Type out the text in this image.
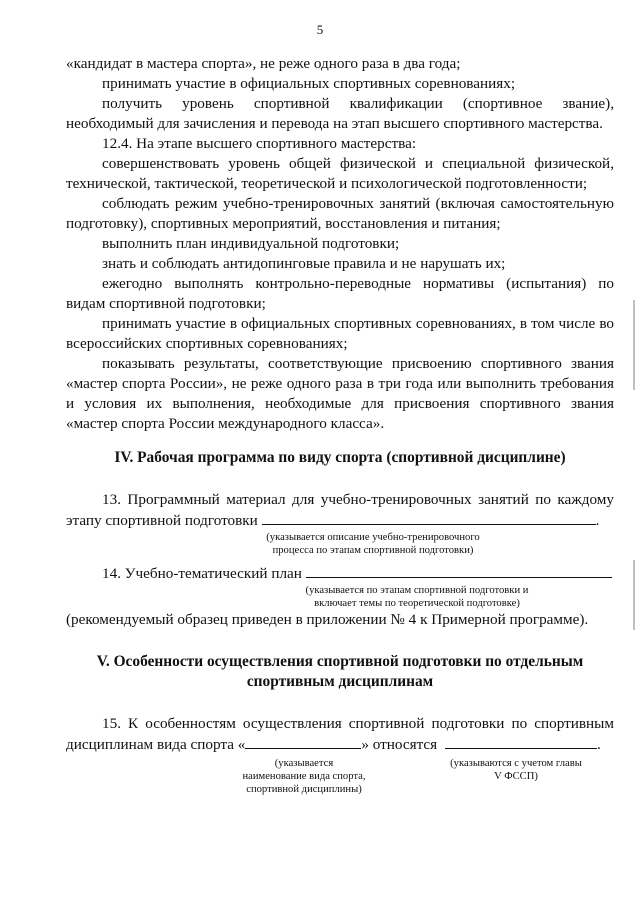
5

«кандидат в мастера спорта», не реже одного раза в два года;

принимать участие в официальных спортивных соревнованиях;

получить уровень спортивной квалификации (спортивное звание), необходимый для зачисления и перевода на этап высшего спортивного мастерства.

12.4. На этапе высшего спортивного мастерства:

совершенствовать уровень общей физической и специальной физической, технической, тактической, теоретической и психологической подготовленности;

соблюдать режим учебно-тренировочных занятий (включая самостоятельную подготовку), спортивных мероприятий, восстановления и питания;

выполнить план индивидуальной подготовки;

знать и соблюдать антидопинговые правила и не нарушать их;

ежегодно выполнять контрольно-переводные нормативы (испытания) по видам спортивной подготовки;

принимать участие в официальных спортивных соревнованиях, в том числе во всероссийских спортивных соревнованиях;

показывать результаты, соответствующие присвоению спортивного звания «мастер спорта России», не реже одного раза в три года или выполнить требования и условия их выполнения, необходимые для присвоения спортивного звания «мастер спорта России международного класса».

IV. Рабочая программа по виду спорта (спортивной дисциплине)

13. Программный материал для учебно-тренировочных занятий по каждому этапу спортивной подготовки	.

(указывается описание учебно-тренировочного процесса по этапам спортивной подготовки)

14. Учебно-тематический план

(указывается по этапам спортивной подготовки и включает темы по теоретической подготовке)

(рекомендуемый образец приведен в приложении № 4 к Примерной программе).

V. Особенности осуществления спортивной подготовки по отдельным

спортивным дисциплинам

15. К особенностям осуществления спортивной подготовки по спортивным

дисциплинам вида спорта «	» относятся	.

(указывается наименование вида спорта, спортивной дисциплины)
(указываются с учетом главы V ФССП)
